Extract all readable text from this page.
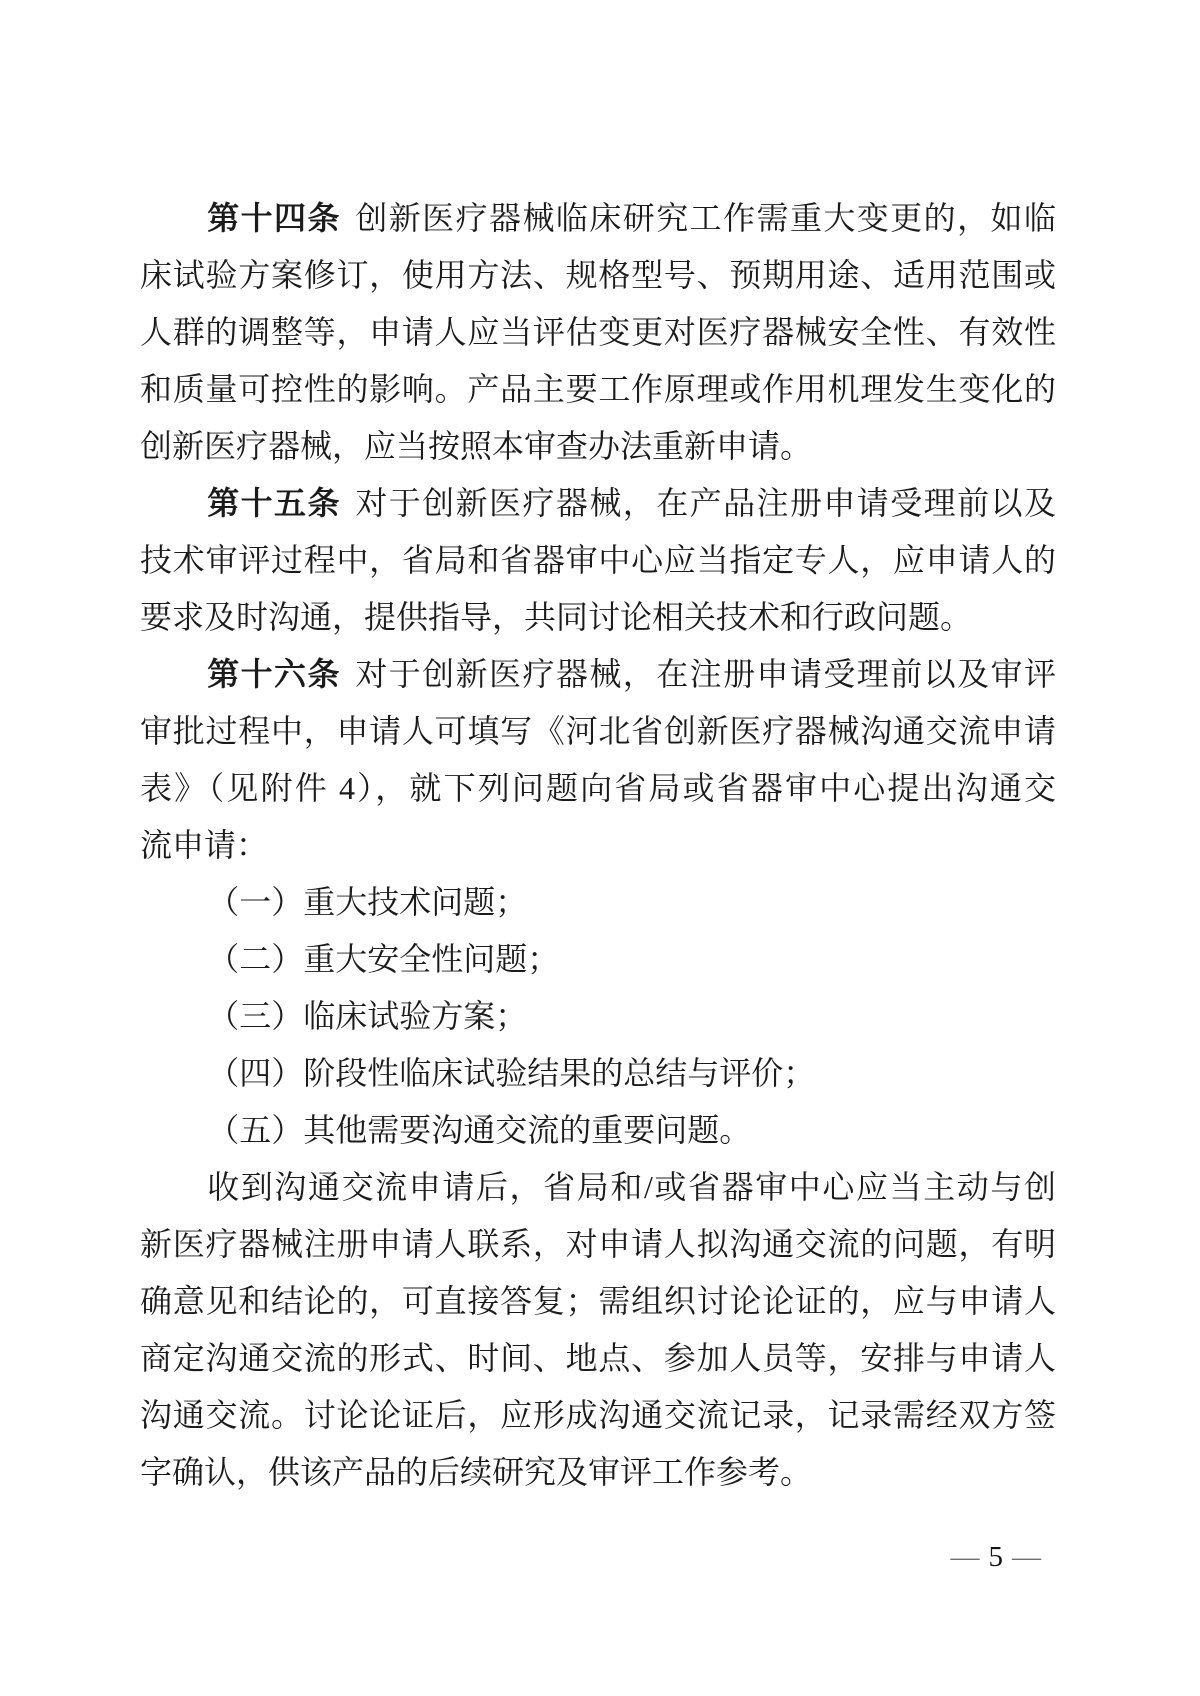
第十四条 创新医疗器械临床研究工作需重大变更的，如临
床试验方案修订，使用方法、规格型号、预期用途、适用范围或
人群的调整等，申请人应当评估变更对医疗器械安全性、有效性
和质量可控性的影响。产品主要工作原理或作用机理发生变化的
创新医疗器械，应当按照本审查办法重新申请。
第十五条 对于创新医疗器械，在产品注册申请受理前以及
技术审评过程中，省局和省器审中心应当指定专人，应申请人的
要求及时沟通，提供指导，共同讨论相关技术和行政问题。
第十六条 对于创新医疗器械，在注册申请受理前以及审评
审批过程中，申请人可填写《河北省创新医疗器械沟通交流申请
表》（见附件 4），就下列问题向省局或省器审中心提出沟通交
流申请：
（一）重大技术问题；
（二）重大安全性问题；
（三）临床试验方案；
（四）阶段性临床试验结果的总结与评价；
（五）其他需要沟通交流的重要问题。
收到沟通交流申请后，省局和/或省器审中心应当主动与创
新医疗器械注册申请人联系，对申请人拟沟通交流的问题，有明
确意见和结论的，可直接答复；需组织讨论论证的，应与申请人
商定沟通交流的形式、时间、地点、参加人员等，安排与申请人
沟通交流。讨论论证后，应形成沟通交流记录，记录需经双方签
字确认，供该产品的后续研究及审评工作参考。
— 5 —
